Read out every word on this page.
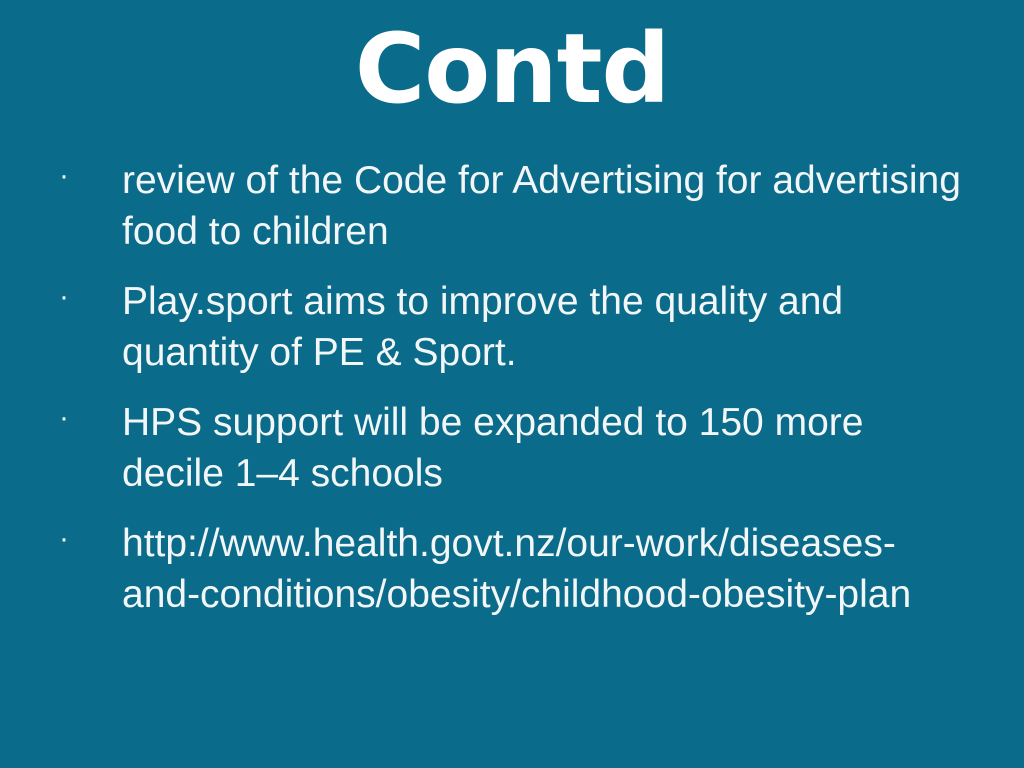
Contd
· review of the Code for Advertising for advertising food to children
· Play.sport aims to improve the quality and quantity of PE & Sport.
· HPS support will be expanded to 150 more decile 1–4 schools
· http://www.health.govt.nz/our-work/diseases-and-conditions/obesity/childhood-obesity-plan
